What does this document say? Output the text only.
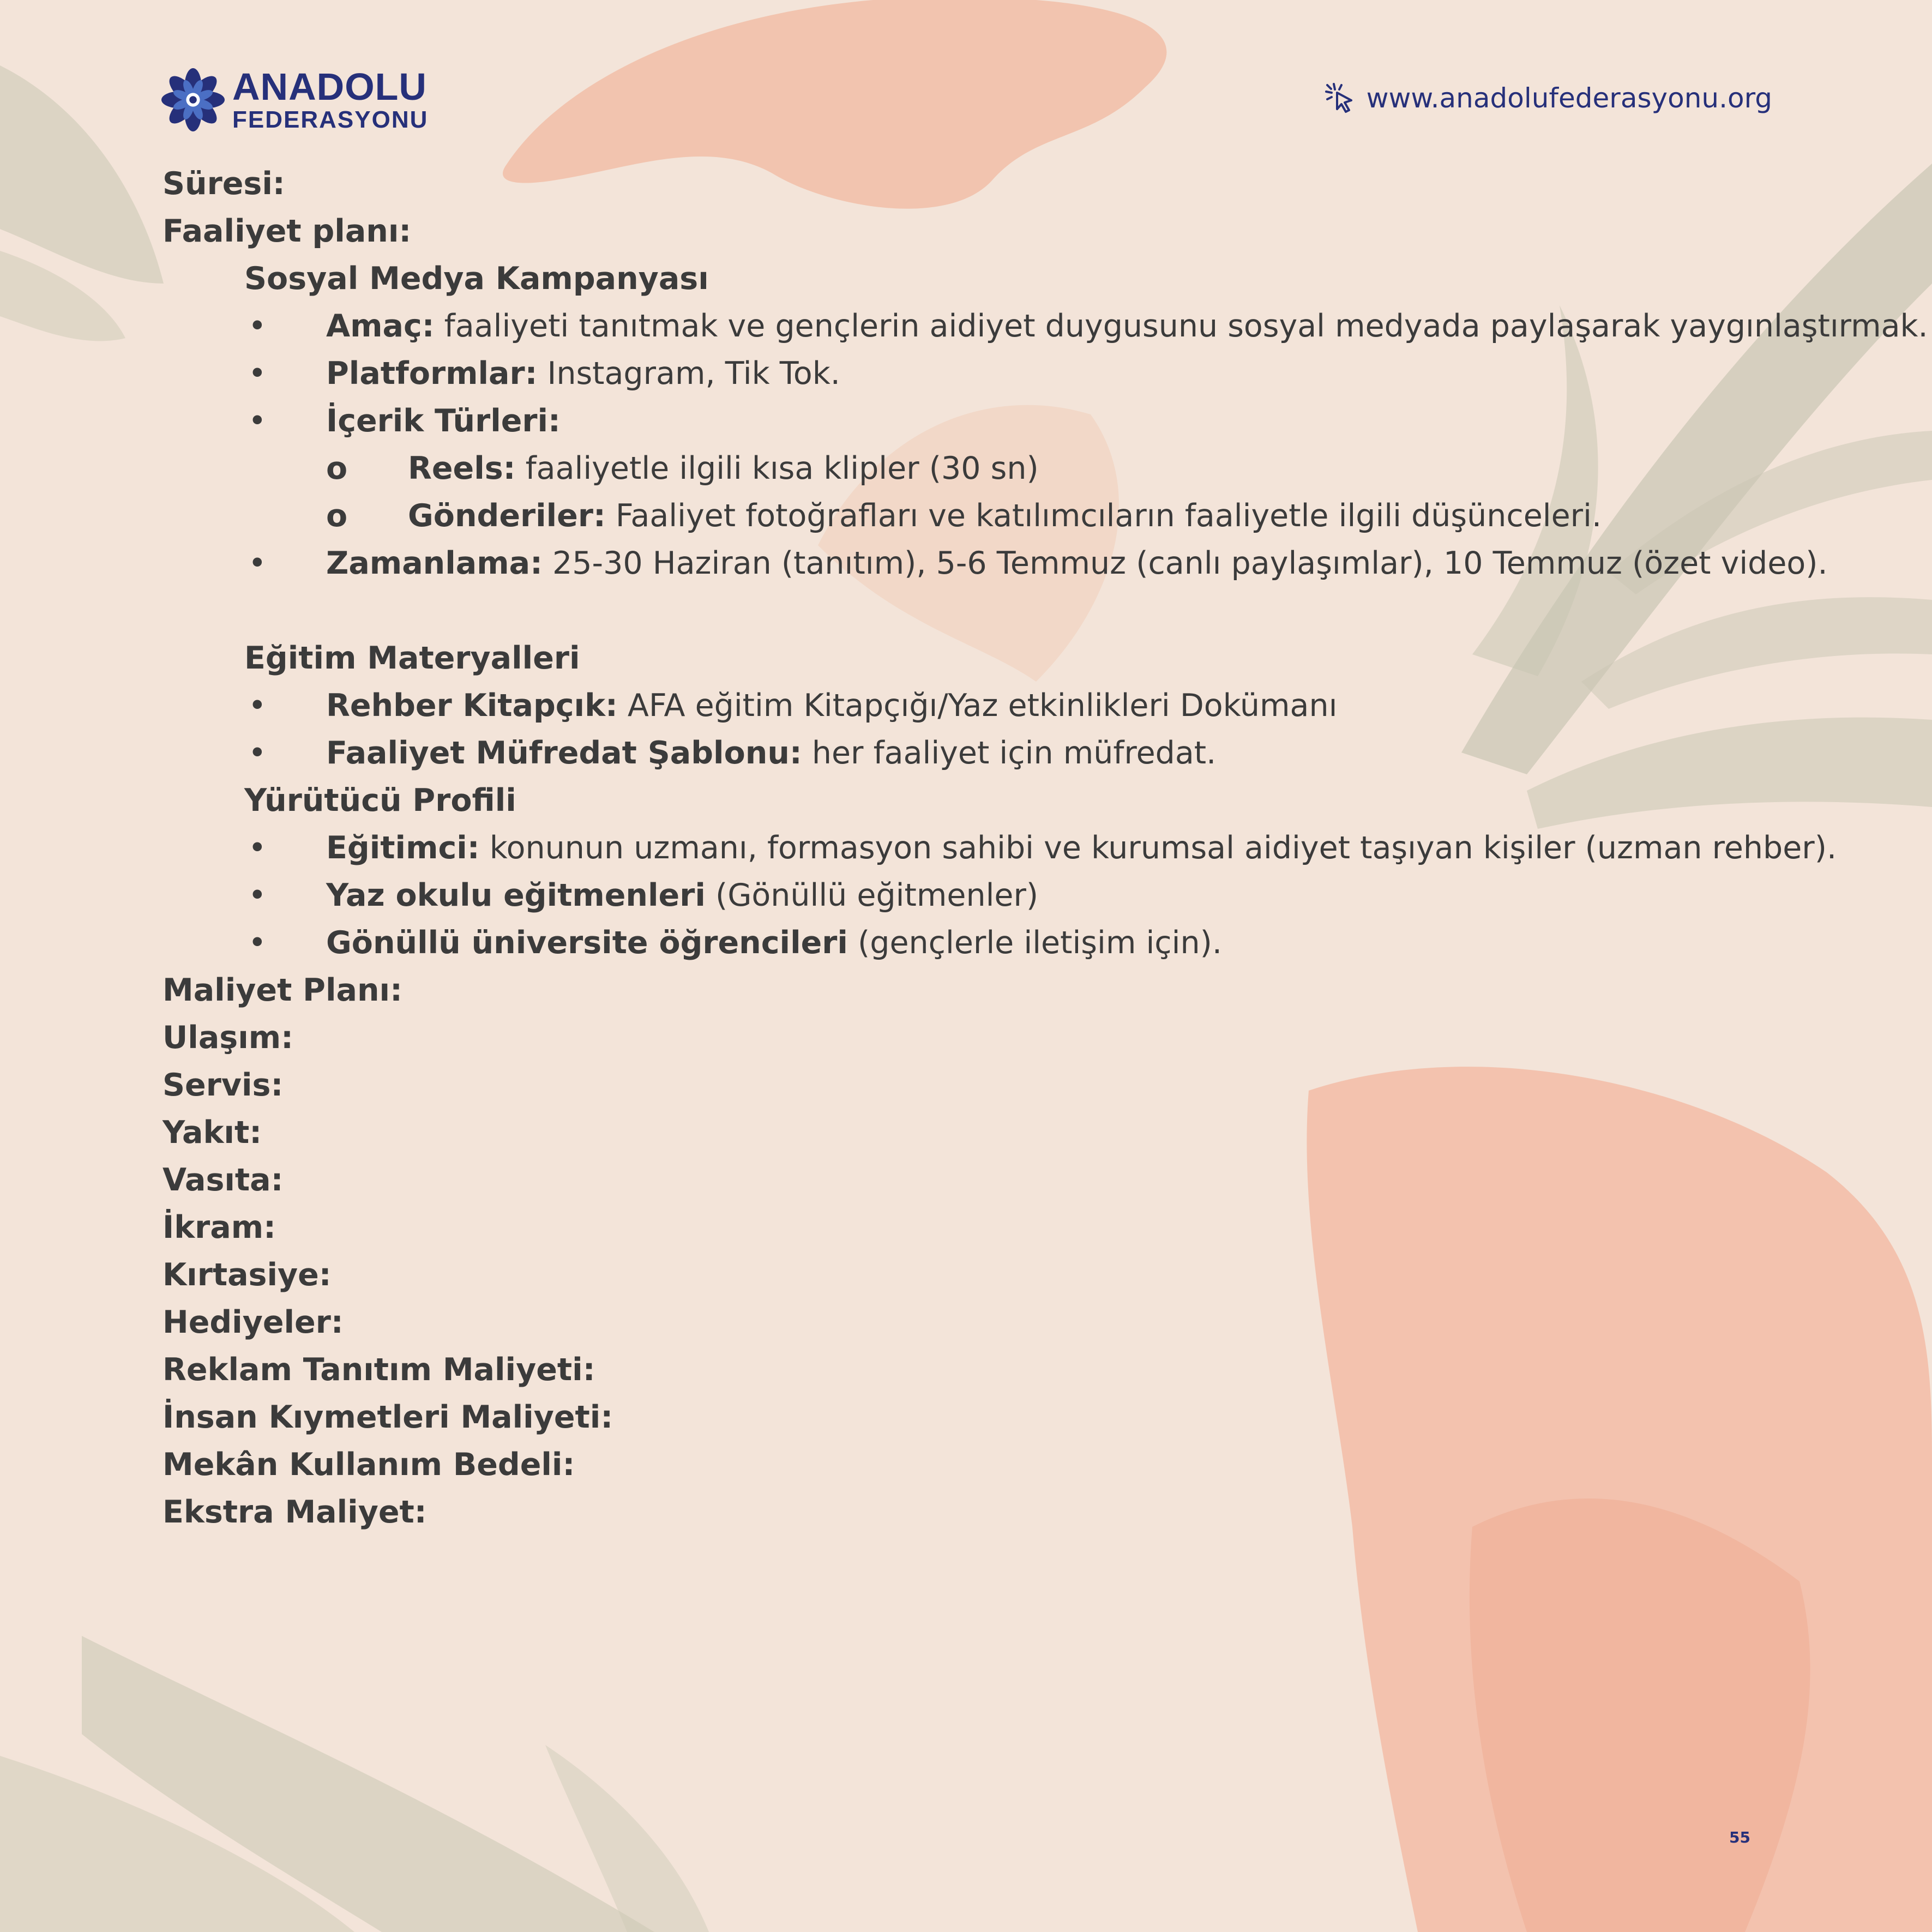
ANADOLU
FEDERASYONU
www.anadolufederasyonu.org
Süresi:
Faaliyet planı:
Sosyal Medya Kampanyası
• Amaç: faaliyeti tanıtmak ve gençlerin aidiyet duygusunu sosyal medyada paylaşarak yaygınlaştırmak.
• Platformlar: Instagram, Tik Tok.
• İçerik Türleri:
o Reels: faaliyetle ilgili kısa klipler (30 sn)
o Gönderiler: Faaliyet fotoğrafları ve katılımcıların faaliyetle ilgili düşünceleri.
• Zamanlama: 25-30 Haziran (tanıtım), 5-6 Temmuz (canlı paylaşımlar), 10 Temmuz (özet video).
Eğitim Materyalleri
• Rehber Kitapçık: AFA eğitim Kitapçığı/Yaz etkinlikleri Dokümanı
• Faaliyet Müfredat Şablonu: her faaliyet için müfredat.
Yürütücü Profili
• Eğitimci: konunun uzmanı, formasyon sahibi ve kurumsal aidiyet taşıyan kişiler (uzman rehber).
• Yaz okulu eğitmenleri (Gönüllü eğitmenler)
• Gönüllü üniversite öğrencileri (gençlerle iletişim için).
Maliyet Planı:
Ulaşım:
Servis:
Yakıt:
Vasıta:
İkram:
Kırtasiye:
Hediyeler:
Reklam Tanıtım Maliyeti:
İnsan Kıymetleri Maliyeti:
Mekân Kullanım Bedeli:
Ekstra Maliyet:
55
